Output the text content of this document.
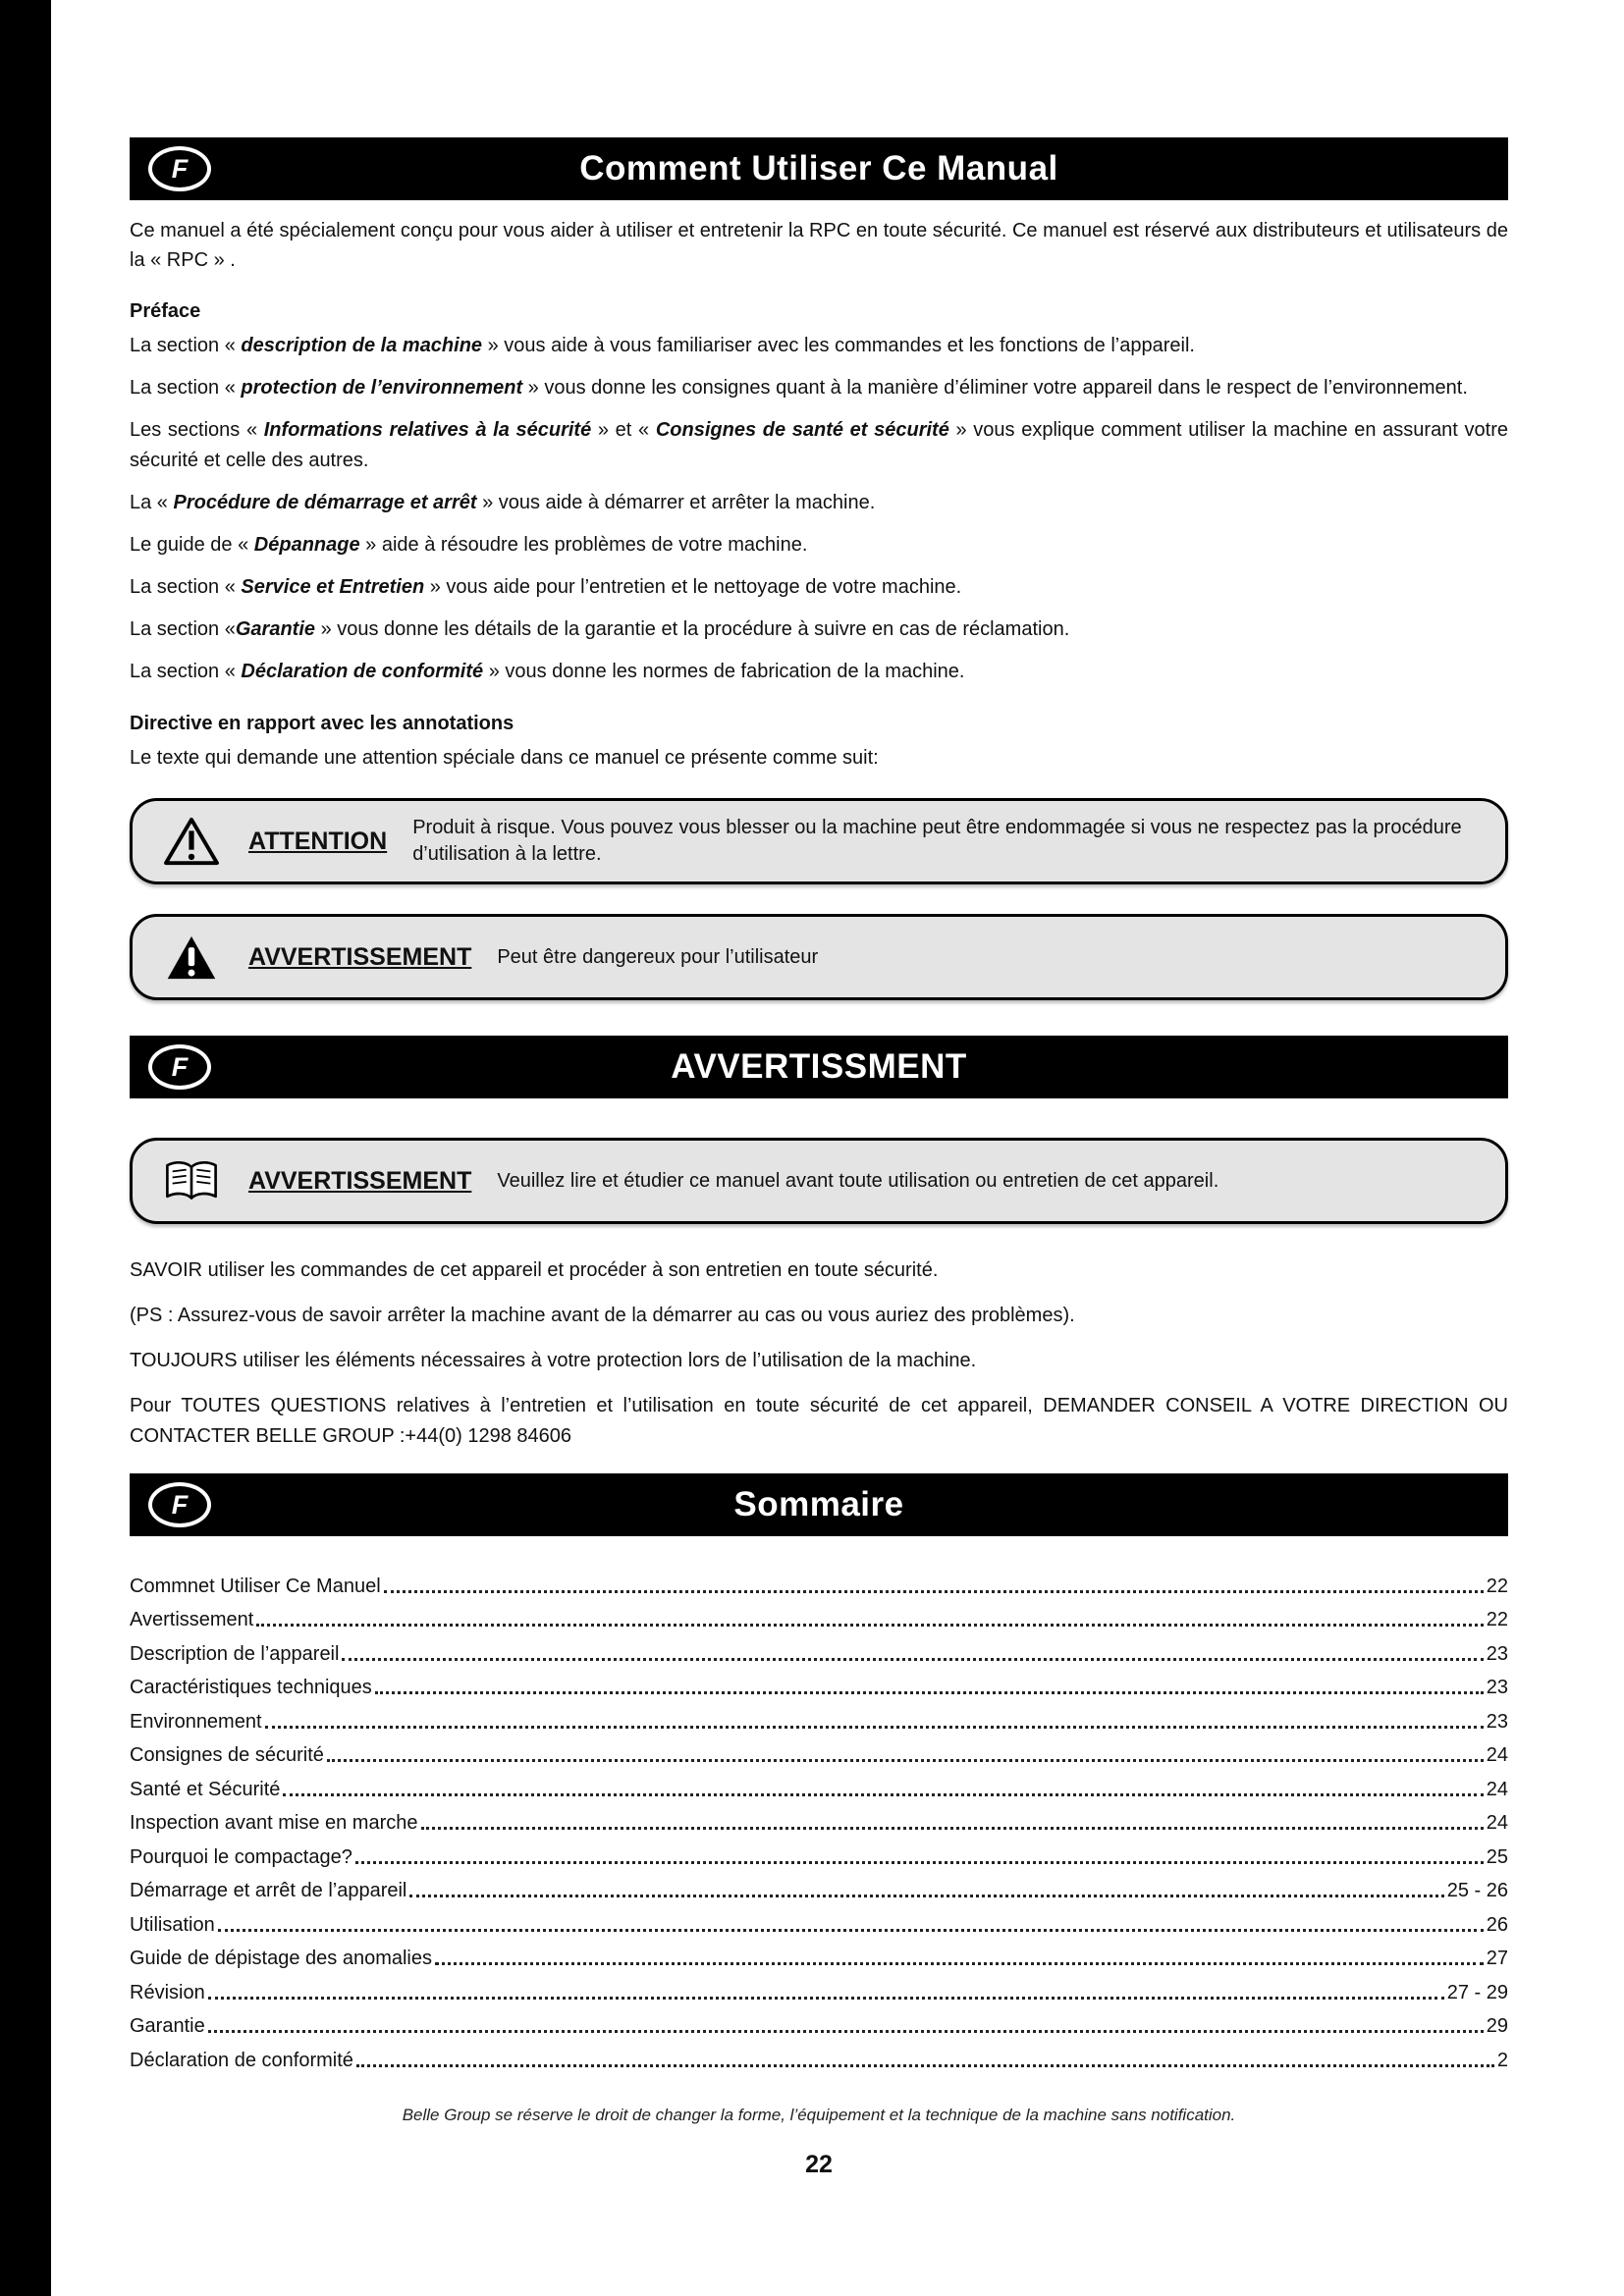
F	Comment Utiliser Ce Manual

Ce manuel a été spécialement conçu pour vous aider à utiliser et entretenir la RPC en toute sécurité. Ce manuel est réservé aux distributeurs et utilisateurs de la « RPC » .

Préface

La section « description de la machine » vous aide à vous familiariser avec les commandes et les fonctions de l’appareil.

La section « protection de l’environnement » vous donne les consignes quant à la manière d’éliminer votre appareil dans le respect de l’environnement.

Les sections « Informations relatives à la sécurité » et « Consignes de santé et sécurité » vous explique comment utiliser la machine en assurant votre sécurité et celle des autres.

La « Procédure de démarrage et arrêt » vous aide à démarrer et arrêter la machine.

Le guide de « Dépannage » aide à résoudre les problèmes de votre machine.

La section « Service et Entretien » vous aide pour l’entretien et le nettoyage de votre machine.

La section «Garantie » vous donne les détails de la garantie et la procédure à suivre en cas de réclamation.

La section « Déclaration de conformité » vous donne les normes de fabrication de la machine.

Directive en rapport avec les annotations

Le texte qui demande une attention spéciale dans ce manuel ce présente comme suit:

ATTENTION Produit à risque. Vous pouvez vous blesser ou la machine peut être endommagée si vous ne respectez pas la procédure d’utilisation à la lettre.
AVVERTISSEMENT Peut être dangereux pour l’utilisateur
F	AVVERTISSMENT
AVVERTISSEMENT Veuillez lire et étudier ce manuel avant toute utilisation ou entretien de cet appareil.

SAVOIR utiliser les commandes de cet appareil et procéder à son entretien en toute sécurité.

(PS : Assurez-vous de savoir arrêter la machine avant de la démarrer au cas ou vous auriez des problèmes).

TOUJOURS utiliser les éléments nécessaires à votre protection lors de l’utilisation de la machine.

Pour TOUTES QUESTIONS relatives à l’entretien et l’utilisation en toute sécurité de cet appareil, DEMANDER CONSEIL A VOTRE DIRECTION OU CONTACTER BELLE GROUP :+44(0) 1298 84606

F	Sommaire
Commnet Utiliser Ce Manuel	22
Avertissement	22
Description de l’appareil	23
Caractéristiques techniques	23
Environnement	23
Consignes de sécurité	24
Santé et Sécurité	24
Inspection avant mise en marche	24
Pourquoi le compactage?	25
Démarrage et arrêt de l’appareil	25 - 26
Utilisation	26
Guide de dépistage des anomalies	27
Révision	27 - 29
Garantie	29
Déclaration de conformité	2
Belle Group se réserve le droit de changer la forme, l’équipement et la technique de la machine sans notification.
22
